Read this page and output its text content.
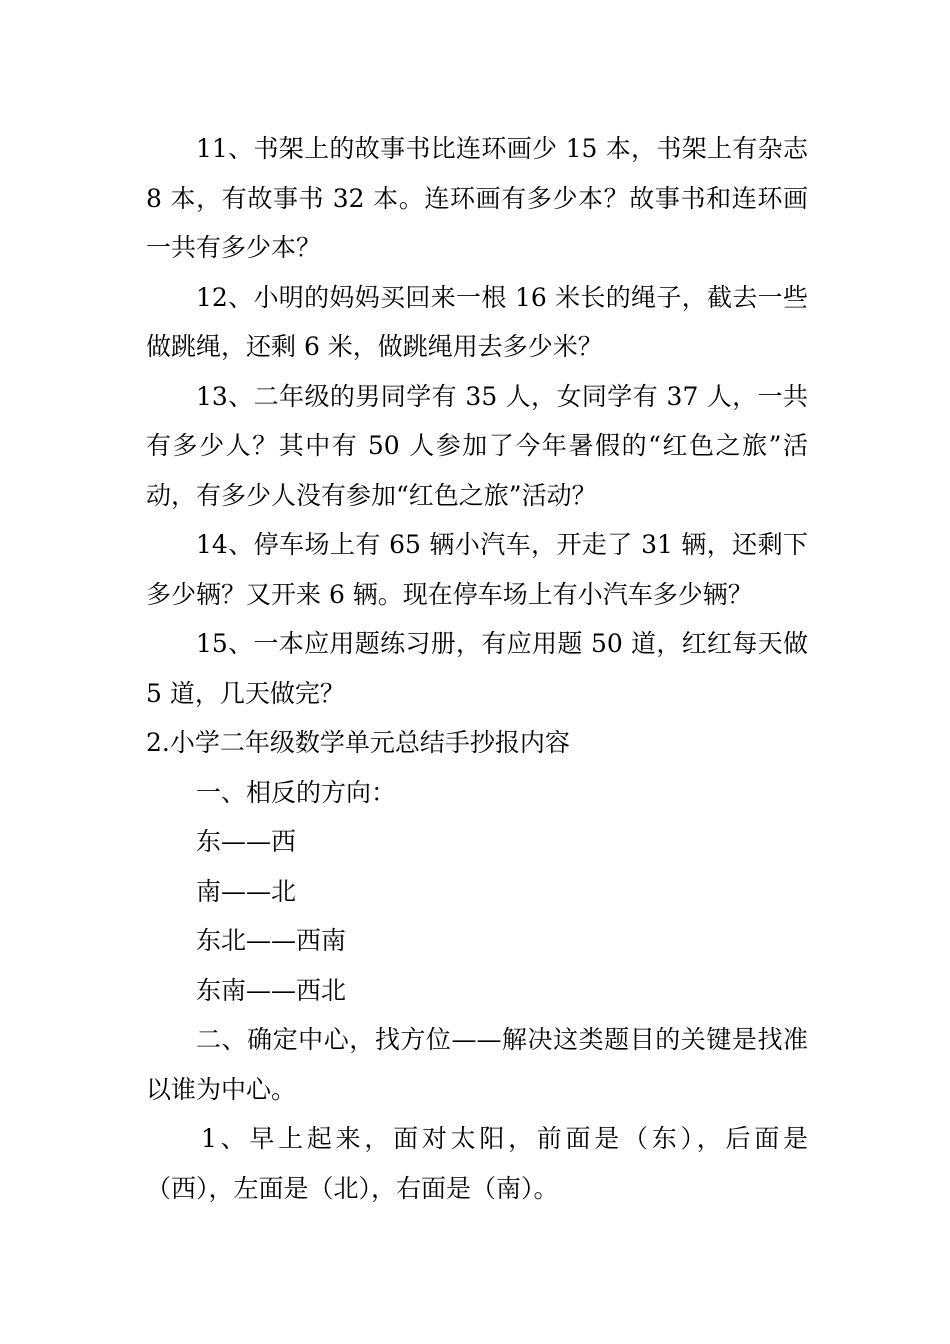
11、书架上的故事书比连环画少 15 本，书架上有杂志 8 本，有故事书 32 本。连环画有多少本？故事书和连环画一共有多少本？

12、小明的妈妈买回来一根 16 米长的绳子，截去一些做跳绳，还剩 6 米，做跳绳用去多少米？

13、二年级的男同学有 35 人，女同学有 37 人，一共有多少人？其中有 50 人参加了今年暑假的“红色之旅”活动，有多少人没有参加“红色之旅”活动？

14、停车场上有 65 辆小汽车，开走了 31 辆，还剩下多少辆？又开来 6 辆。现在停车场上有小汽车多少辆？

15、一本应用题练习册，有应用题 50 道，红红每天做 5 道，几天做完？

2.小学二年级数学单元总结手抄报内容

一、相反的方向：

东——西

南——北

东北——西南

东南——西北

二、确定中心，找方位——解决这类题目的关键是找准以谁为中心。

1、早上起来，面对太阳，前面是（东），后面是（西），左面是（北），右面是（南）。
